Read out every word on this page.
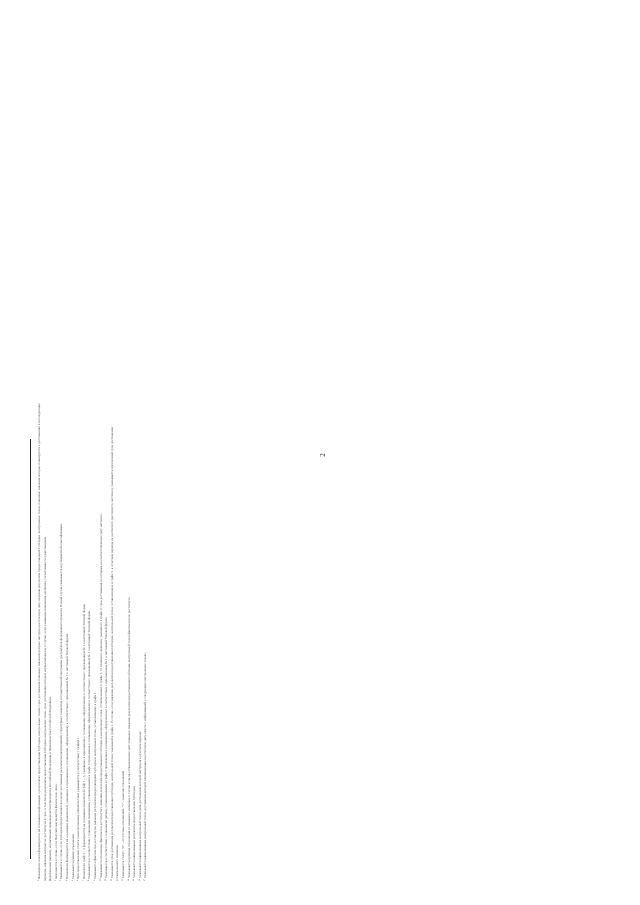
2
¹ Показатели отчета формируются на основании информации о результатах предоставления Субсидии, контрольных точках, срок достижения плановых значений которых наступил на отчетную дату, включая результаты предоставления Субсидии, контрольные точки, плановые значения которых планируется к достижению в последующие периоды, значения которых не достигнуты в срок, в том числе результаты предоставления Субсидии, контрольных точек, срок достижения которых корректировался, в случае, если указанные изменения одобрены, согласованы государственным федеральным законом, нормативным правовым актом Президента Российской Федерации и Правительства Российской Федерации. ² Заполняется в случае, если Получателем является физическое лицо. ³ Указывается в случае, если Субсидия предоставляется в целях достижения результатов (мероприятий) структурных элементов государственной программы (результатов федерального проекта). В иной случае указывается код бюджетной классификации. ⁴ Показатели формируются на основании показателей, указанных в приложении к соглашению, оформленному в соответствии с приложением № 1 к настоящей Типовой форме. ⁵ Указывается размер отклонения. ⁶ При предоставлении отчета о неисполненных обязательствах указывается в соответствии с графой 1. ⁷ Показатели граф 1 – 5 формируются на основании показателей граф 1 – 5, указанных в приложении к соглашению, оформленному в соответствии с приложением № 1 к настоящей Типовой форме. ⁸ Указываются в соответствии с плановыми значениями, установленными в графе 6 приложения к соглашению, оформленному в соответствии с приложением № 1 к настоящей Типовой форме. ⁹ Указывается фактически достигнутое значение результата предоставления Субсидии и контрольных точек, установленных в графе 1. ¹⁰ Указывается отклонение фактически достигнутого значения результата предоставления Субсидии и контрольных точек, установленных в графе 1, от планового значения, указанного в графе 6, срок достижения по которым на соответствующую дату наступил. ¹¹ Указывается в соответствии с плановыми датами, установленными в графе 7 приложения к соглашению, оформленному в соответствии с приложением № 1 к настоящей Типовой форме. ¹² Указывается срок достижения результата предоставления Субсидии, контрольной точки, указанной в графе 1. В случае, если значение результата предоставления Субсидии, контрольной точки, установленное в графе 6, в отчетном периоде не достигнуто (достигнуто частично), указывается прогнозный срок достижения установленного значения. ¹³ Указывается статус: "0" – отсутствие отклонений, "1" – наличие отклонений. ¹⁴ Указывается причина отклонения от планового значения, в случае если на установленную дату плановое значение результата предоставления Субсидии, контрольной точки фактически не достигнуто. ¹⁵ Указывается наименование результата предоставления Субсидии. ¹⁶ Указывается наименование контрольной точки, дата достижения которой наступила в отчетном периоде. ¹⁷ Указывается наименование контрольной точки, достижение которой запланировано на отчетную дату, вместе с информацией о следующих контрольных точках.
